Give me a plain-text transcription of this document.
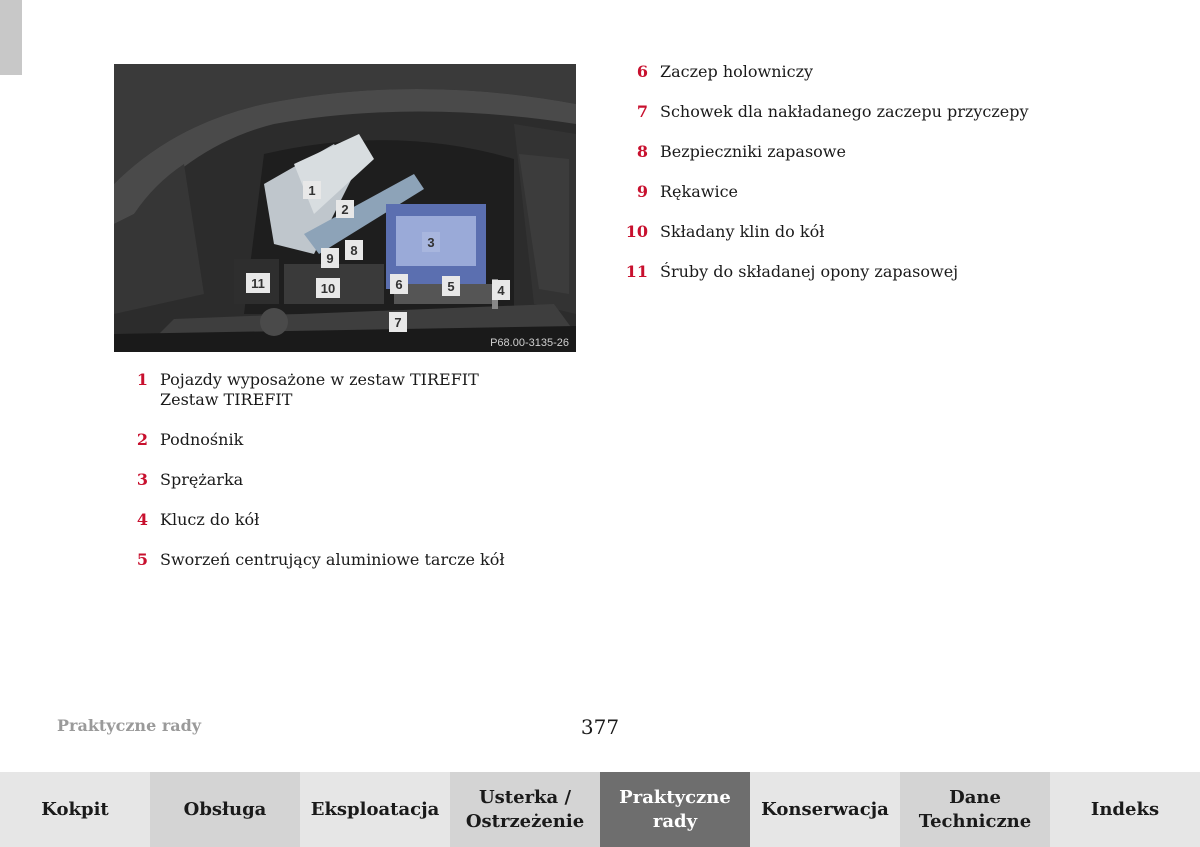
1
2
3
4
5
6
7
8
9
10
11
P68.00-3135-26
1 Pojazdy wyposażone w zestaw TIREFIT
Zestaw TIREFIT
2 Podnośnik
3 Sprężarka
4 Klucz do kół
5 Sworzeń centrujący aluminiowe tarcze kół
6 Zaczep holowniczy
7 Schowek dla nakładanego zaczepu przyczepy
8 Bezpieczniki zapasowe
9 Rękawice
10 Składany klin do kół
11 Śruby do składanej opony zapasowej
Praktyczne rady	377
Kokpit	Obsługa	Eksploatacja
Usterka /
Ostrzeżenie
Praktyczne
rady
Konserwacja
Dane
Techniczne
Indeks
